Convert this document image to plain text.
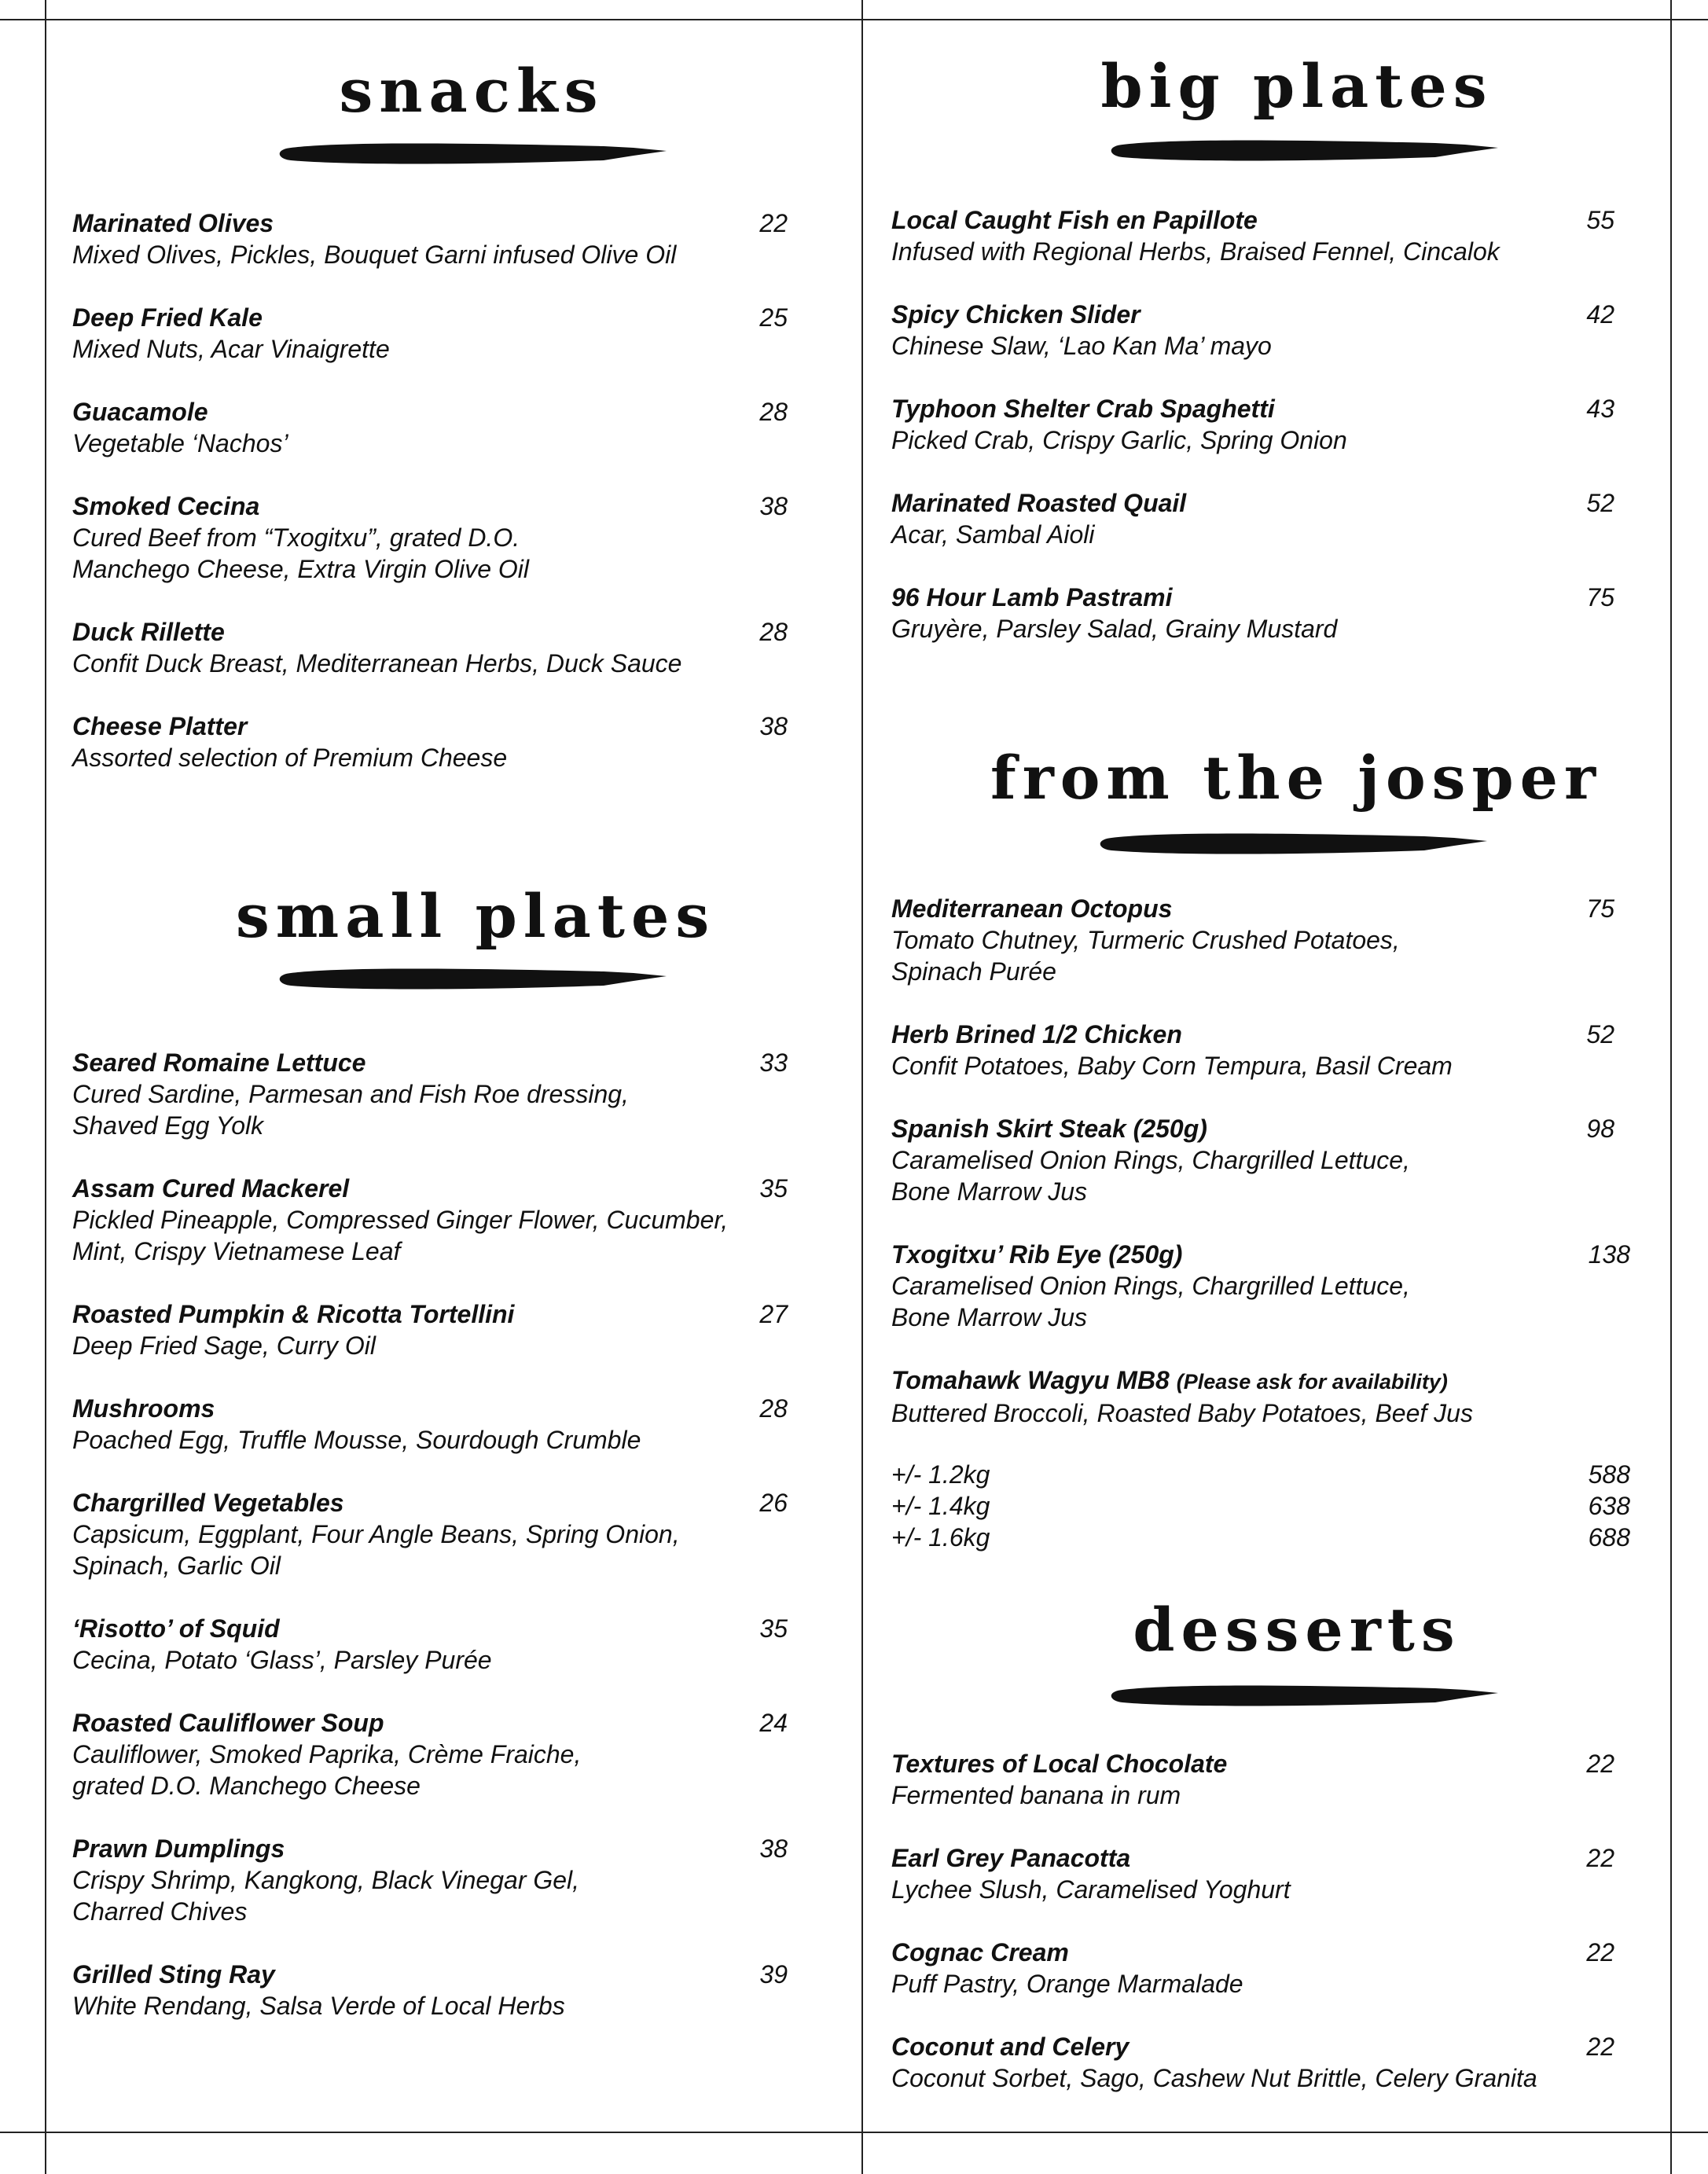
snacks
small plates
big plates
from the josper
desserts
Marinated Olives
Mixed Olives, Pickles, Bouquet Garni infused Olive Oil
22
Deep Fried Kale
Mixed Nuts, Acar Vinaigrette
25
Guacamole
Vegetable ‘Nachos’
28
Smoked Cecina
Cured Beef from “Txogitxu”, grated D.O.
Manchego Cheese, Extra Virgin Olive Oil
38
Duck Rillette
Confit Duck Breast, Mediterranean Herbs, Duck Sauce
28
Cheese Platter
Assorted selection of Premium Cheese
38
Seared Romaine Lettuce
Cured Sardine, Parmesan and Fish Roe dressing,
Shaved Egg Yolk
33
Assam Cured Mackerel
Pickled Pineapple, Compressed Ginger Flower, Cucumber,
Mint, Crispy Vietnamese Leaf
35
Roasted Pumpkin & Ricotta Tortellini
Deep Fried Sage, Curry Oil
27
Mushrooms
Poached Egg, Truffle Mousse, Sourdough Crumble
28
Chargrilled Vegetables
Capsicum, Eggplant, Four Angle Beans, Spring Onion,
Spinach, Garlic Oil
26
‘Risotto’ of Squid
Cecina, Potato ‘Glass’, Parsley Purée
35
Roasted Cauliflower Soup
Cauliflower, Smoked Paprika, Crème Fraiche,
grated D.O. Manchego Cheese
24
Prawn Dumplings
Crispy Shrimp, Kangkong, Black Vinegar Gel,
Charred Chives
38
Grilled Sting Ray
White Rendang, Salsa Verde of Local Herbs
39
Local Caught Fish en Papillote
Infused with Regional Herbs, Braised Fennel, Cincalok
55
Spicy Chicken Slider
Chinese Slaw, ‘Lao Kan Ma’ mayo
42
Typhoon Shelter Crab Spaghetti
Picked Crab, Crispy Garlic, Spring Onion
43
Marinated Roasted Quail
Acar, Sambal Aioli
52
96 Hour Lamb Pastrami
Gruyère, Parsley Salad, Grainy Mustard
75
Mediterranean Octopus
Tomato Chutney, Turmeric Crushed Potatoes,
Spinach Purée
75
Herb Brined 1/2 Chicken
Confit Potatoes, Baby Corn Tempura, Basil Cream
52
Spanish Skirt Steak (250g)
Caramelised Onion Rings, Chargrilled Lettuce,
Bone Marrow Jus
98
Txogitxu’ Rib Eye (250g)
Caramelised Onion Rings, Chargrilled Lettuce,
Bone Marrow Jus
138
Tomahawk Wagyu MB8 (Please ask for availability)
Buttered Broccoli, Roasted Baby Potatoes, Beef Jus
+/- 1.2kg	588
+/- 1.4kg	638
+/- 1.6kg	688
Textures of Local Chocolate
Fermented banana in rum
22
Earl Grey Panacotta
Lychee Slush, Caramelised Yoghurt
22
Cognac Cream
Puff Pastry, Orange Marmalade
22
Coconut and Celery
Coconut Sorbet, Sago, Cashew Nut Brittle, Celery Granita
22
